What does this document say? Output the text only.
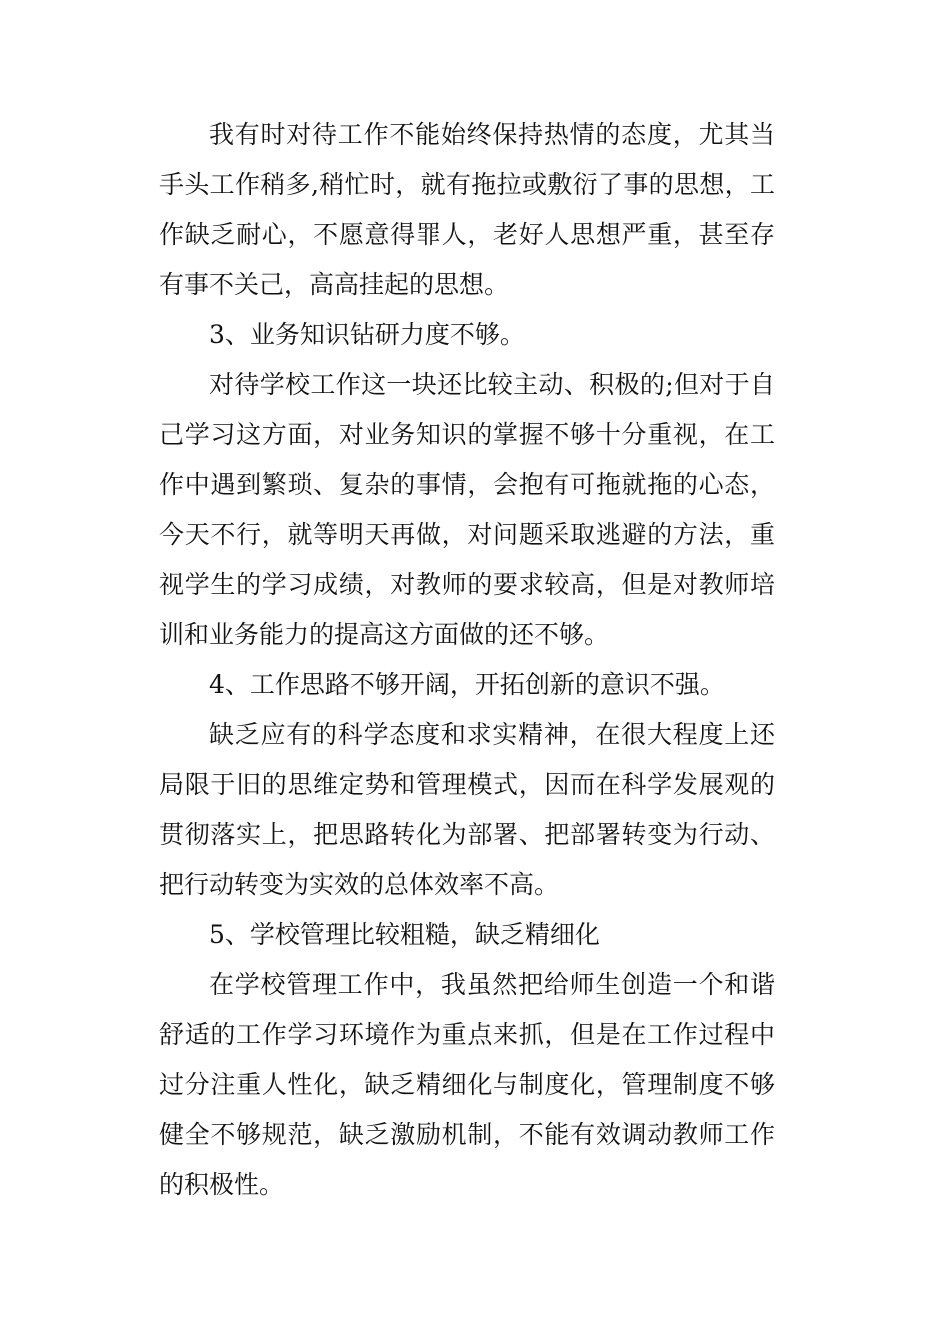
我有时对待工作不能始终保持热情的态度，尤其当手头工作稍多,稍忙时，就有拖拉或敷衍了事的思想，工作缺乏耐心，不愿意得罪人，老好人思想严重，甚至存有事不关己，高高挂起的思想。

3、业务知识钻研力度不够。

对待学校工作这一块还比较主动、积极的;但对于自己学习这方面，对业务知识的掌握不够十分重视，在工作中遇到繁琐、复杂的事情，会抱有可拖就拖的心态，今天不行，就等明天再做，对问题采取逃避的方法，重视学生的学习成绩，对教师的要求较高，但是对教师培训和业务能力的提高这方面做的还不够。

4、工作思路不够开阔，开拓创新的意识不强。

缺乏应有的科学态度和求实精神，在很大程度上还局限于旧的思维定势和管理模式，因而在科学发展观的贯彻落实上，把思路转化为部署、把部署转变为行动、把行动转变为实效的总体效率不高。

5、学校管理比较粗糙，缺乏精细化

在学校管理工作中，我虽然把给师生创造一个和谐舒适的工作学习环境作为重点来抓，但是在工作过程中过分注重人性化，缺乏精细化与制度化，管理制度不够健全不够规范，缺乏激励机制，不能有效调动教师工作的积极性。
